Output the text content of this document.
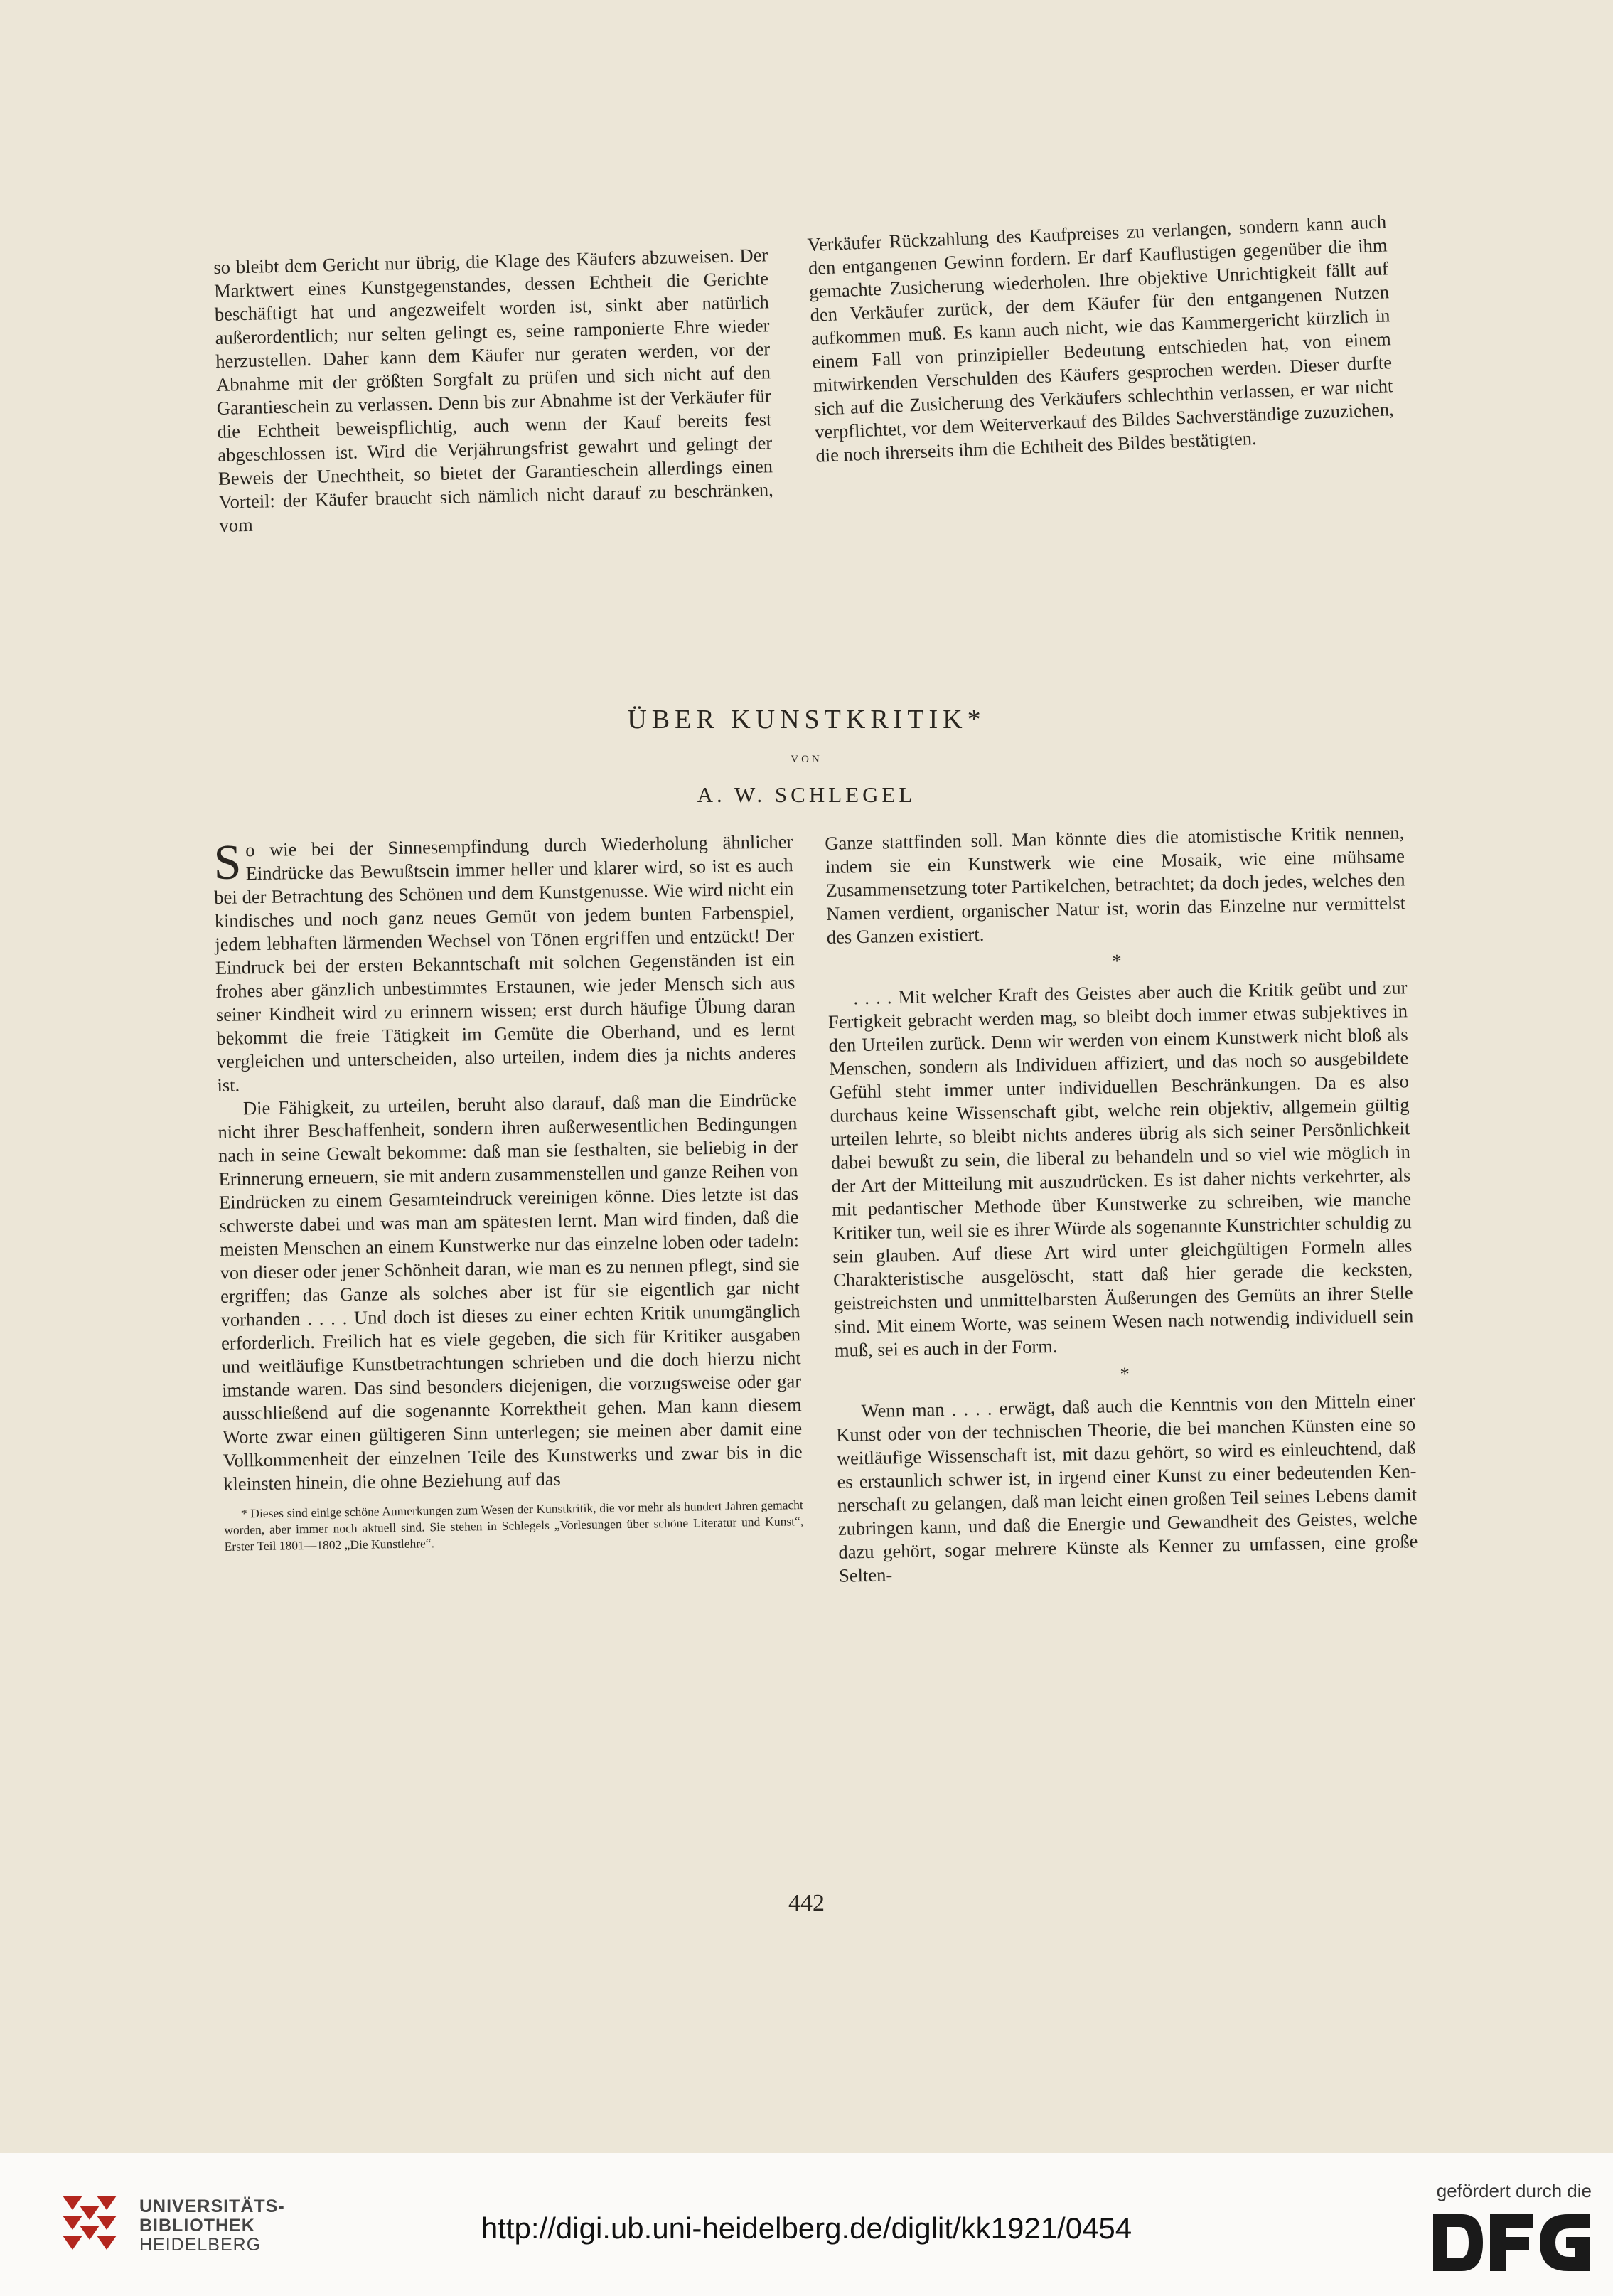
so bleibt dem Gericht nur übrig, die Klage des Käufers abzuweisen. Der Marktwert eines Kunstgegenstandes, dessen Echtheit die Gerichte beschäftigt hat und angezweifelt worden ist, sinkt aber natürlich außerordentlich; nur selten gelingt es, seine ramponierte Ehre wieder herzustellen. Daher kann dem Käufer nur geraten werden, vor der Abnahme mit der größten Sorgfalt zu prüfen und sich nicht auf den Garantieschein zu verlassen. Denn bis zur Abnahme ist der Verkäufer für die Echtheit beweispflichtig, auch wenn der Kauf bereits fest abgeschlossen ist. Wird die Verjährungsfrist gewahrt und gelingt der Beweis der Unechtheit, so bietet der Garantieschein allerdings einen Vorteil: der Käufer braucht sich nämlich nicht darauf zu beschränken, vom

Verkäufer Rückzahlung des Kaufpreises zu verlangen, sondern kann auch den entgangenen Gewinn fordern. Er darf Kauflustigen gegenüber die ihm gemachte Zusicherung wiederholen. Ihre objektive Unrichtigkeit fällt auf den Verkäufer zurück, der dem Käufer für den entgangenen Nutzen aufkommen muß. Es kann auch nicht, wie das Kammergericht kürzlich in einem Fall von prinzipieller Bedeutung entschieden hat, von einem mitwirkenden Verschulden des Käufers gesprochen werden. Dieser durfte sich auf die Zusicherung des Verkäufers schlechthin verlassen, er war nicht verpflichtet, vor dem Weiterverkauf des Bildes Sachverständige zuzuziehen, die noch ihrerseits ihm die Echtheit des Bildes bestätigten.

ÜBER KUNSTKRITIK*
VON
A. W. SCHLEGEL

So wie bei der Sinnesempfindung durch Wiederholung ähnlicher Eindrücke das Bewußtsein immer heller und klarer wird, so ist es auch bei der Betrachtung des Schönen und dem Kunstgenusse. Wie wird nicht ein kindisches und noch ganz neues Gemüt von jedem bunten Farbenspiel, jedem lebhaften lärmenden Wechsel von Tönen ergriffen und entzückt! Der Eindruck bei der ersten Bekanntschaft mit solchen Gegenständen ist ein frohes aber gänzlich unbestimmtes Erstaunen, wie jeder Mensch sich aus seiner Kindheit wird zu erinnern wissen; erst durch häufige Übung daran bekommt die freie Tätigkeit im Gemüte die Oberhand, und es lernt vergleichen und unterscheiden, also urteilen, indem dies ja nichts anderes ist.

Die Fähigkeit, zu urteilen, beruht also darauf, daß man die Eindrücke nicht ihrer Beschaffenheit, sondern ihren außerwesentlichen Bedingungen nach in seine Gewalt bekomme: daß man sie festhalten, sie beliebig in der Erinnerung erneuern, sie mit andern zusammenstellen und ganze Reihen von Eindrücken zu einem Gesamteindruck vereinigen könne. Dies letzte ist das schwerste dabei und was man am spätesten lernt. Man wird finden, daß die meisten Menschen an einem Kunstwerke nur das einzelne loben oder tadeln: von dieser oder jener Schönheit daran, wie man es zu nennen pflegt, sind sie ergriffen; das Ganze als solches aber ist für sie eigentlich gar nicht vorhanden . . . . Und doch ist dieses zu einer echten Kritik unumgänglich erforderlich. Freilich hat es viele gegeben, die sich für Kritiker ausgaben und weitläufige Kunstbetrachtungen schrieben und die doch hierzu nicht imstande waren. Das sind besonders diejenigen, die vorzugsweise oder gar ausschließend auf die sogenannte Korrektheit gehen. Man kann diesem Worte zwar einen gültigeren Sinn unterlegen; sie meinen aber damit eine Vollkommenheit der einzelnen Teile des Kunstwerks und zwar bis in die kleinsten hinein, die ohne Beziehung auf das

* Dieses sind einige schöne Anmerkungen zum Wesen der Kunstkritik, die vor mehr als hundert Jahren gemacht worden, aber immer noch aktuell sind. Sie stehen in Schlegels „Vorlesungen über schöne Literatur und Kunst“, Erster Teil 1801—1802 „Die Kunstlehre“.

Ganze stattfinden soll. Man könnte dies die atomistische Kritik nennen, indem sie ein Kunstwerk wie eine Mosaik, wie eine mühsame Zusammensetzung toter Partikelchen, betrachtet; da doch jedes, welches den Namen verdient, organischer Natur ist, worin das Einzelne nur vermittelst des Ganzen existiert.

*

. . . . Mit welcher Kraft des Geistes aber auch die Kritik geübt und zur Fertigkeit gebracht werden mag, so bleibt doch immer etwas subjektives in den Urteilen zurück. Denn wir werden von einem Kunstwerk nicht bloß als Menschen, sondern als Individuen affiziert, und das noch so ausgebildete Gefühl steht immer unter individuellen Beschränkungen. Da es also durchaus keine Wissenschaft gibt, welche rein objektiv, allgemein gültig urteilen lehrte, so bleibt nichts anderes übrig als sich seiner Persönlichkeit dabei bewußt zu sein, die liberal zu behandeln und so viel wie möglich in der Art der Mitteilung mit auszudrücken. Es ist daher nichts verkehrter, als mit pedantischer Methode über Kunstwerke zu schreiben, wie manche Kritiker tun, weil sie es ihrer Würde als sogenannte Kunstrichter schuldig zu sein glauben. Auf diese Art wird unter gleichgültigen Formeln alles Charakteristische ausgelöscht, statt daß hier gerade die kecksten, geistreichsten und unmittelbarsten Äußerungen des Gemüts an ihrer Stelle sind. Mit einem Worte, was seinem Wesen nach notwendig individuell sein muß, sei es auch in der Form.

*

Wenn man . . . . erwägt, daß auch die Kenntnis von den Mitteln einer Kunst oder von der technischen Theorie, die bei manchen Künsten eine so weitläufige Wissenschaft ist, mit dazu gehört, so wird es einleuchtend, daß es erstaunlich schwer ist, in irgend einer Kunst zu einer bedeutenden Kennerschaft zu gelangen, daß man leicht einen großen Teil seines Lebens damit zubringen kann, und daß die Energie und Gewandheit des Geistes, welche dazu gehört, sogar mehrere Künste als Kenner zu umfassen, eine große Selten-

442
UNIVERSITÄTS-
BIBLIOTHEK
HEIDELBERG	http://digi.ub.uni-heidelberg.de/diglit/kk1921/0454
gefördert durch die
